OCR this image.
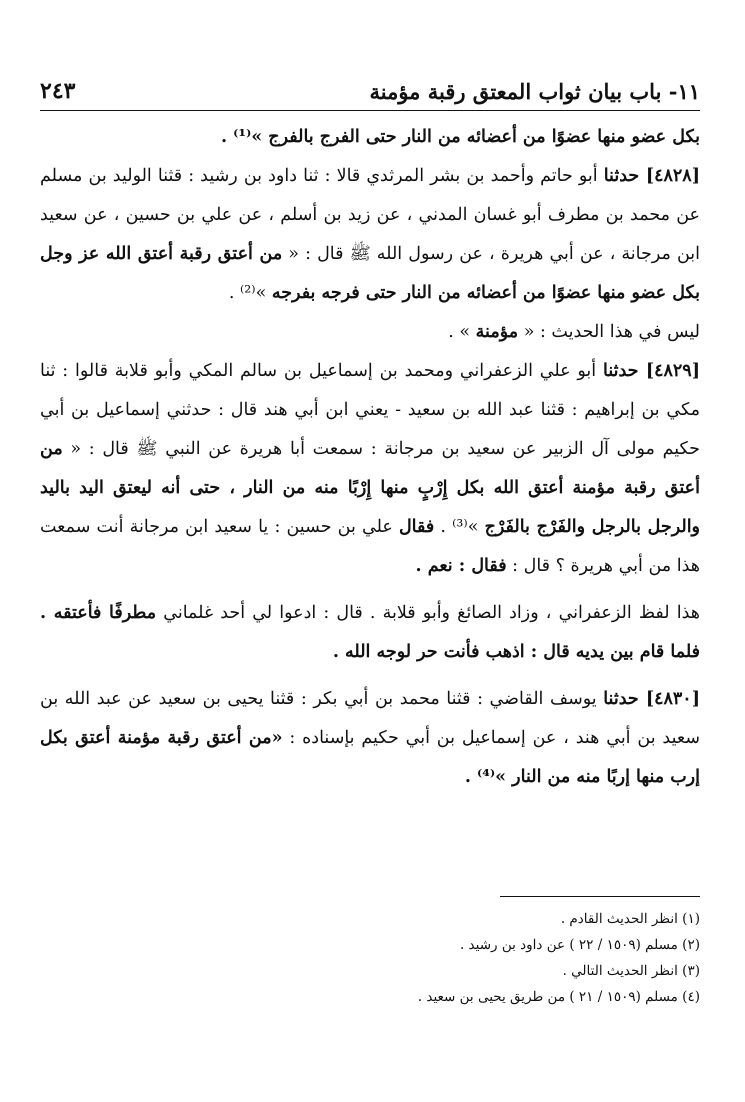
١١- باب بيان ثواب المعتق رقبة مؤمنة
٢٤٣

بكل عضو منها عضوًا من أعضائه من النار حتى الفرج بالفرج »⁽¹⁾ .

[٤٨٢٨] حدثنا أبو حاتم وأحمد بن بشر المرثدي قالا : ثنا داود بن رشيد : قثنا الوليد بن مسلم عن محمد بن مطرف أبو غسان المدني ، عن زيد بن أسلم ، عن علي بن حسين ، عن سعيد ابن مرجانة ، عن أبي هريرة ، عن رسول الله ﷺ قال : « من أعتق رقبة أعتق الله عز وجل بكل عضو منها عضوًا من أعضائه من النار حتى فرجه بفرجه »⁽²⁾ .

ليس في هذا الحديث : « مؤمنة » .

[٤٨٢٩] حدثنا أبو علي الزعفراني ومحمد بن إسماعيل بن سالم المكي وأبو قلابة قالوا : ثنا مكي بن إبراهيم : قثنا عبد الله بن سعيد - يعني ابن أبي هند قال : حدثني إسماعيل بن أبي حكيم مولى آل الزبير عن سعيد بن مرجانة : سمعت أبا هريرة عن النبي ﷺ قال : « من أعتق رقبة مؤمنة أعتق الله بكل إِرْبٍ منها إِرْبًا منه من النار ، حتى أنه ليعتق اليد باليد والرجل بالرجل والفَرْج بالفَرْج »⁽³⁾ . فقال علي بن حسين : يا سعيد ابن مرجانة أنت سمعت هذا من أبي هريرة ؟ قال : فقال : نعم .

هذا لفظ الزعفراني ، وزاد الصائغ وأبو قلابة . قال : ادعوا لي أحد غلماني مطرفًا فأعتقه . فلما قام بين يديه قال : اذهب فأنت حر لوجه الله .

[٤٨٣٠] حدثنا يوسف القاضي : قثنا محمد بن أبي بكر : قثنا يحيى بن سعيد عن عبد الله بن سعيد بن أبي هند ، عن إسماعيل بن أبي حكيم بإسناده : «من أعتق رقبة مؤمنة أعتق بكل إرب منها إربًا منه من النار »⁽⁴⁾ .

(١) انظر الحديث القادم .

(٢) مسلم (١٥٠٩ / ٢٢ ) عن داود بن رشيد .

(٣) انظر الحديث التالي .

(٤) مسلم (١٥٠٩ / ٢١ ) من طريق يحيى بن سعيد .
